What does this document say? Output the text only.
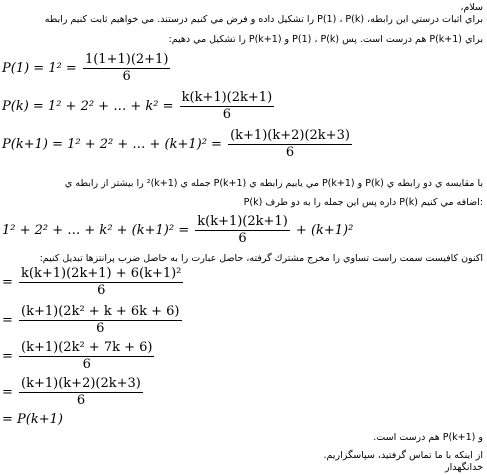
سلام،
براي اثبات درستي اين رابطه، P(1) ، P(k) را تشكيل داده و فرض مي كنيم درستند. مي خواهيم ثابت كنيم رابطه
براي P(k+1) هم درست است. پس P(1) ، P(k) و P(k+1) را تشكيل مي دهيم:
$P(1) = 1^2 = \frac{1(1+1)(2+1)}{6}$
P(k) = 1² + 2² + … + $k^2 = \frac{k(k+1)(2k+1)}{6}$
P(k+1) = 1² + 2² + … + $(k+1)^2 = \frac{(k+1)(k+2)(2k+3)}{6}$
با مقايسه ي دو رابطه ي P(k) و P(k+1) مي يابيم رابطه ي P(k+1) جمله ي (k+1)² را بيشتر از رابطه ي
P(k) داره پس اين جمله را به دو طرف P(k) اضافه مي كنيم:
1² + 2² + … + $k^2 + (k+1)^2 = \frac{k(k+1)(2k+1)}{6} + (k+1)^2$
اكنون كافيست سمت راست تساوي را مخرج مشترك گرفته، حاصل عبارت را به حاصل ضرب پرانتزها تبديل كنيم:
= $\frac{\text{k(k+1)(2k+1) + 6(k+1)²}}{6}$
= $\frac{\text{(k+1)(2k² + k + 6k + 6)}}{6}$
= $\frac{\text{(k+1)(2k² + 7k + 6)}}{6}$
= $\frac{(k+1)(k+2)(2k+3)}{6}$
= P(k+1)
و P(k+1) هم درست است.
از اينكه با ما تماس گرفتيد، سپاسگزاريم.
خدانگهدار
